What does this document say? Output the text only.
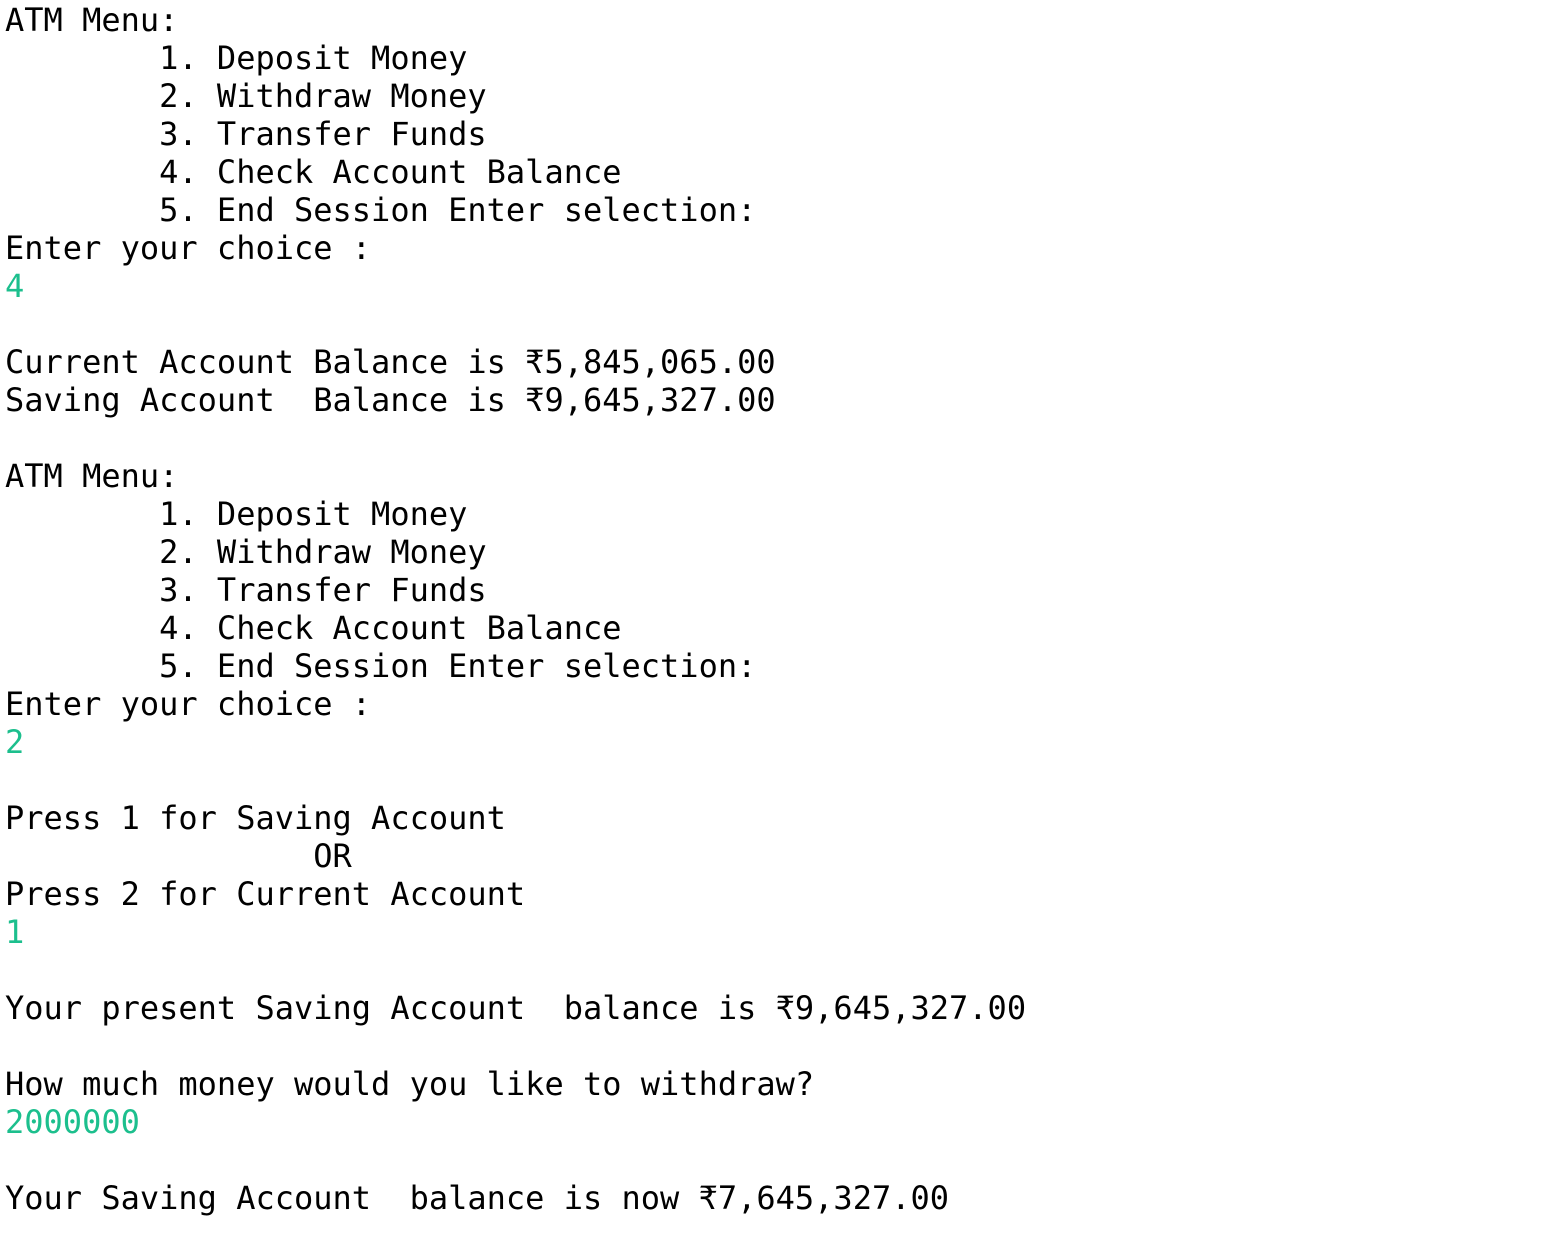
ATM Menu:
1. Deposit Money
2. Withdraw Money
3. Transfer Funds
4. Check Account Balance
5. End Session Enter selection:
Enter your choice :
4
Current Account Balance is ₹5,845,065.00
Saving Account  Balance is ₹9,645,327.00
ATM Menu:
1. Deposit Money
2. Withdraw Money
3. Transfer Funds
4. Check Account Balance
5. End Session Enter selection:
Enter your choice :
2
Press 1 for Saving Account
OR
Press 2 for Current Account
1
Your present Saving Account  balance is ₹9,645,327.00
How much money would you like to withdraw?
2000000
Your Saving Account  balance is now ₹7,645,327.00
